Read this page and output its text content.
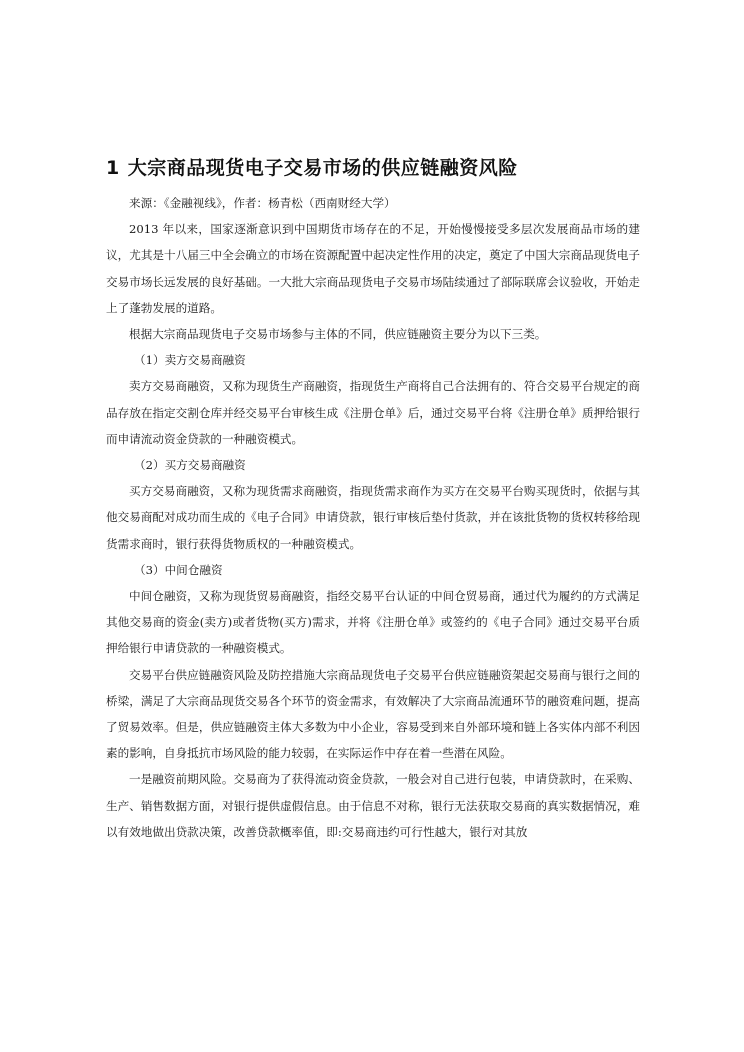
1 大宗商品现货电子交易市场的供应链融资风险

来源：《金融视线》，作者：杨青松（西南财经大学）

2013 年以来，国家逐渐意识到中国期货市场存在的不足，开始慢慢接受多层次发展商品市场的建议，尤其是十八届三中全会确立的市场在资源配置中起决定性作用的决定，奠定了中国大宗商品现货电子交易市场长远发展的良好基础。一大批大宗商品现货电子交易市场陆续通过了部际联席会议验收，开始走上了蓬勃发展的道路。

根据大宗商品现货电子交易市场参与主体的不同，供应链融资主要分为以下三类。

（1）卖方交易商融资

卖方交易商融资，又称为现货生产商融资，指现货生产商将自己合法拥有的、符合交易平台规定的商品存放在指定交割仓库并经交易平台审核生成《注册仓单》后，通过交易平台将《注册仓单》质押给银行而申请流动资金贷款的一种融资模式。

（2）买方交易商融资

买方交易商融资，又称为现货需求商融资，指现货需求商作为买方在交易平台购买现货时，依据与其他交易商配对成功而生成的《电子合同》申请贷款，银行审核后垫付货款，并在该批货物的货权转移给现货需求商时，银行获得货物质权的一种融资模式。

（3）中间仓融资

中间仓融资，又称为现货贸易商融资，指经交易平台认证的中间仓贸易商，通过代为履约的方式满足其他交易商的资金(卖方)或者货物(买方)需求，并将《注册仓单》或签约的《电子合同》通过交易平台质押给银行申请贷款的一种融资模式。

交易平台供应链融资风险及防控措施大宗商品现货电子交易平台供应链融资架起交易商与银行之间的桥梁，满足了大宗商品现货交易各个环节的资金需求，有效解决了大宗商品流通环节的融资难问题，提高了贸易效率。但是，供应链融资主体大多数为中小企业，容易受到来自外部环境和链上各实体内部不利因素的影响，自身抵抗市场风险的能力较弱，在实际运作中存在着一些潜在风险。

一是融资前期风险。交易商为了获得流动资金贷款，一般会对自己进行包装，申请贷款时，在采购、生产、销售数据方面，对银行提供虚假信息。由于信息不对称，银行无法获取交易商的真实数据情况，难以有效地做出贷款决策，改善贷款概率值，即:交易商违约可行性越大，银行对其放
